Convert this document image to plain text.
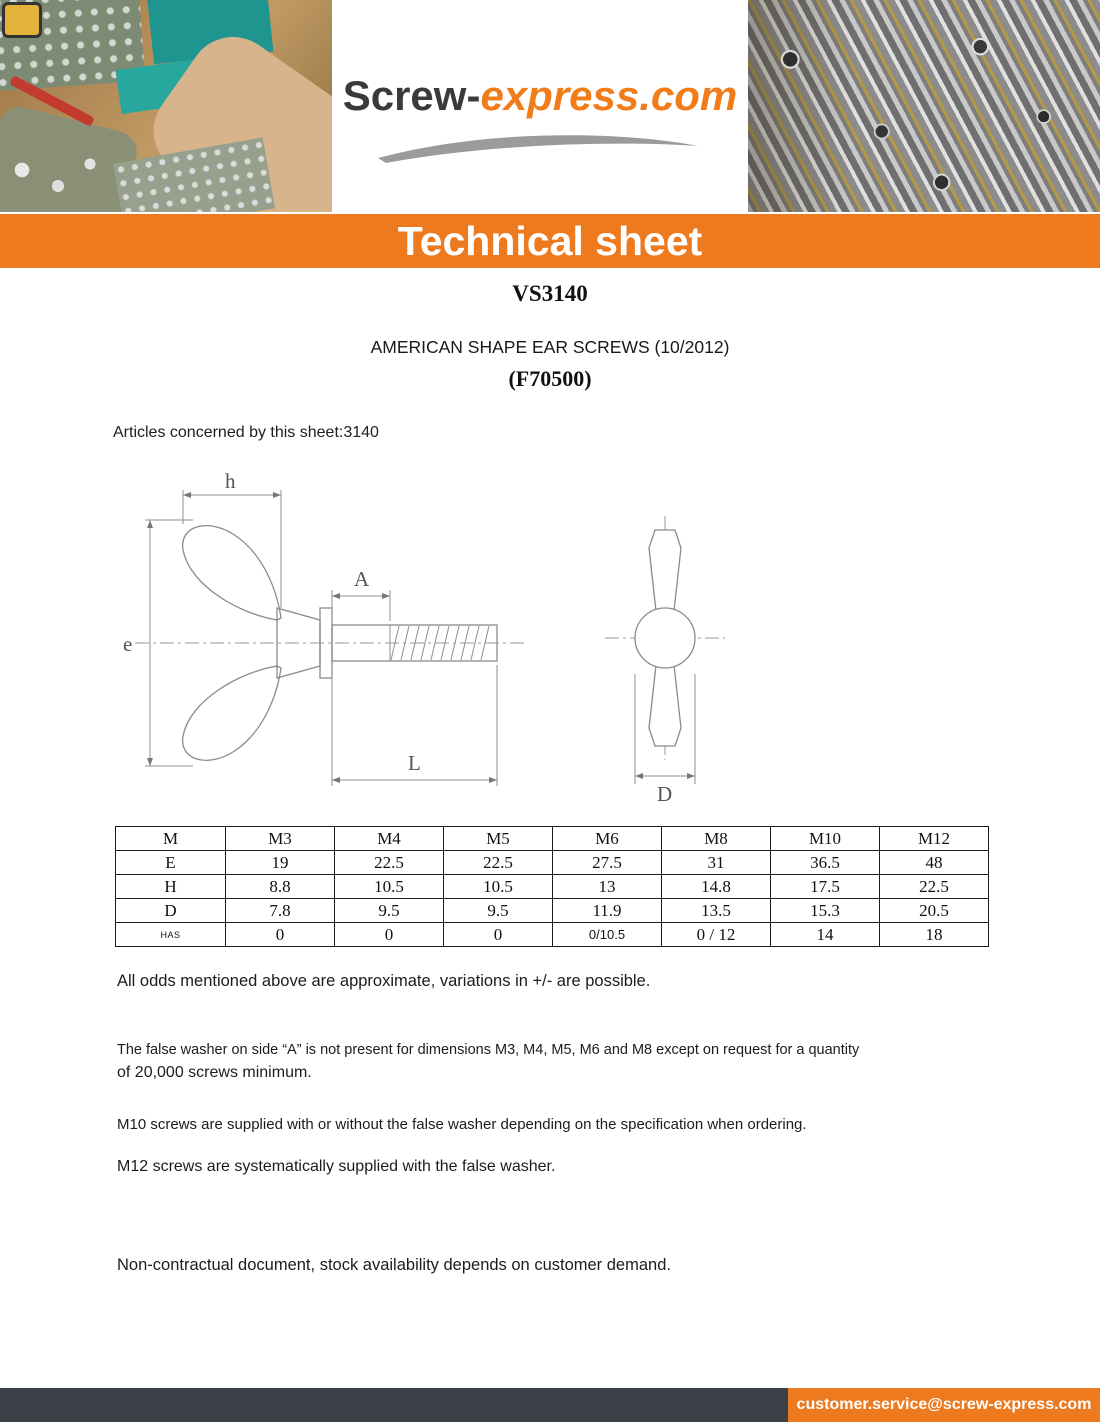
Screw-express.com
Technical sheet
VS3140
AMERICAN SHAPE EAR SCREWS (10/2012)
(F70500)
Articles concerned by this sheet:3140
h
e
A
L
D
M	M3	M4	M5	M6	M8	M10	M12
E	19	22.5	22.5	27.5	31	36.5	48
H	8.8	10.5	10.5	13	14.8	17.5	22.5
D	7.8	9.5	9.5	11.9	13.5	15.3	20.5
HAS	0	0	0	0/10.5	0 / 12	14	18
All odds mentioned above are approximate, variations in +/- are possible.
The false washer on side “A” is not present for dimensions M3, M4, M5, M6 and M8 except on request for a quantity
of 20,000 screws minimum.
M10 screws are supplied with or without the false washer depending on the specification when ordering.
M12 screws are systematically supplied with the false washer.
Non-contractual document, stock availability depends on customer demand.
customer.service@screw-express.com
